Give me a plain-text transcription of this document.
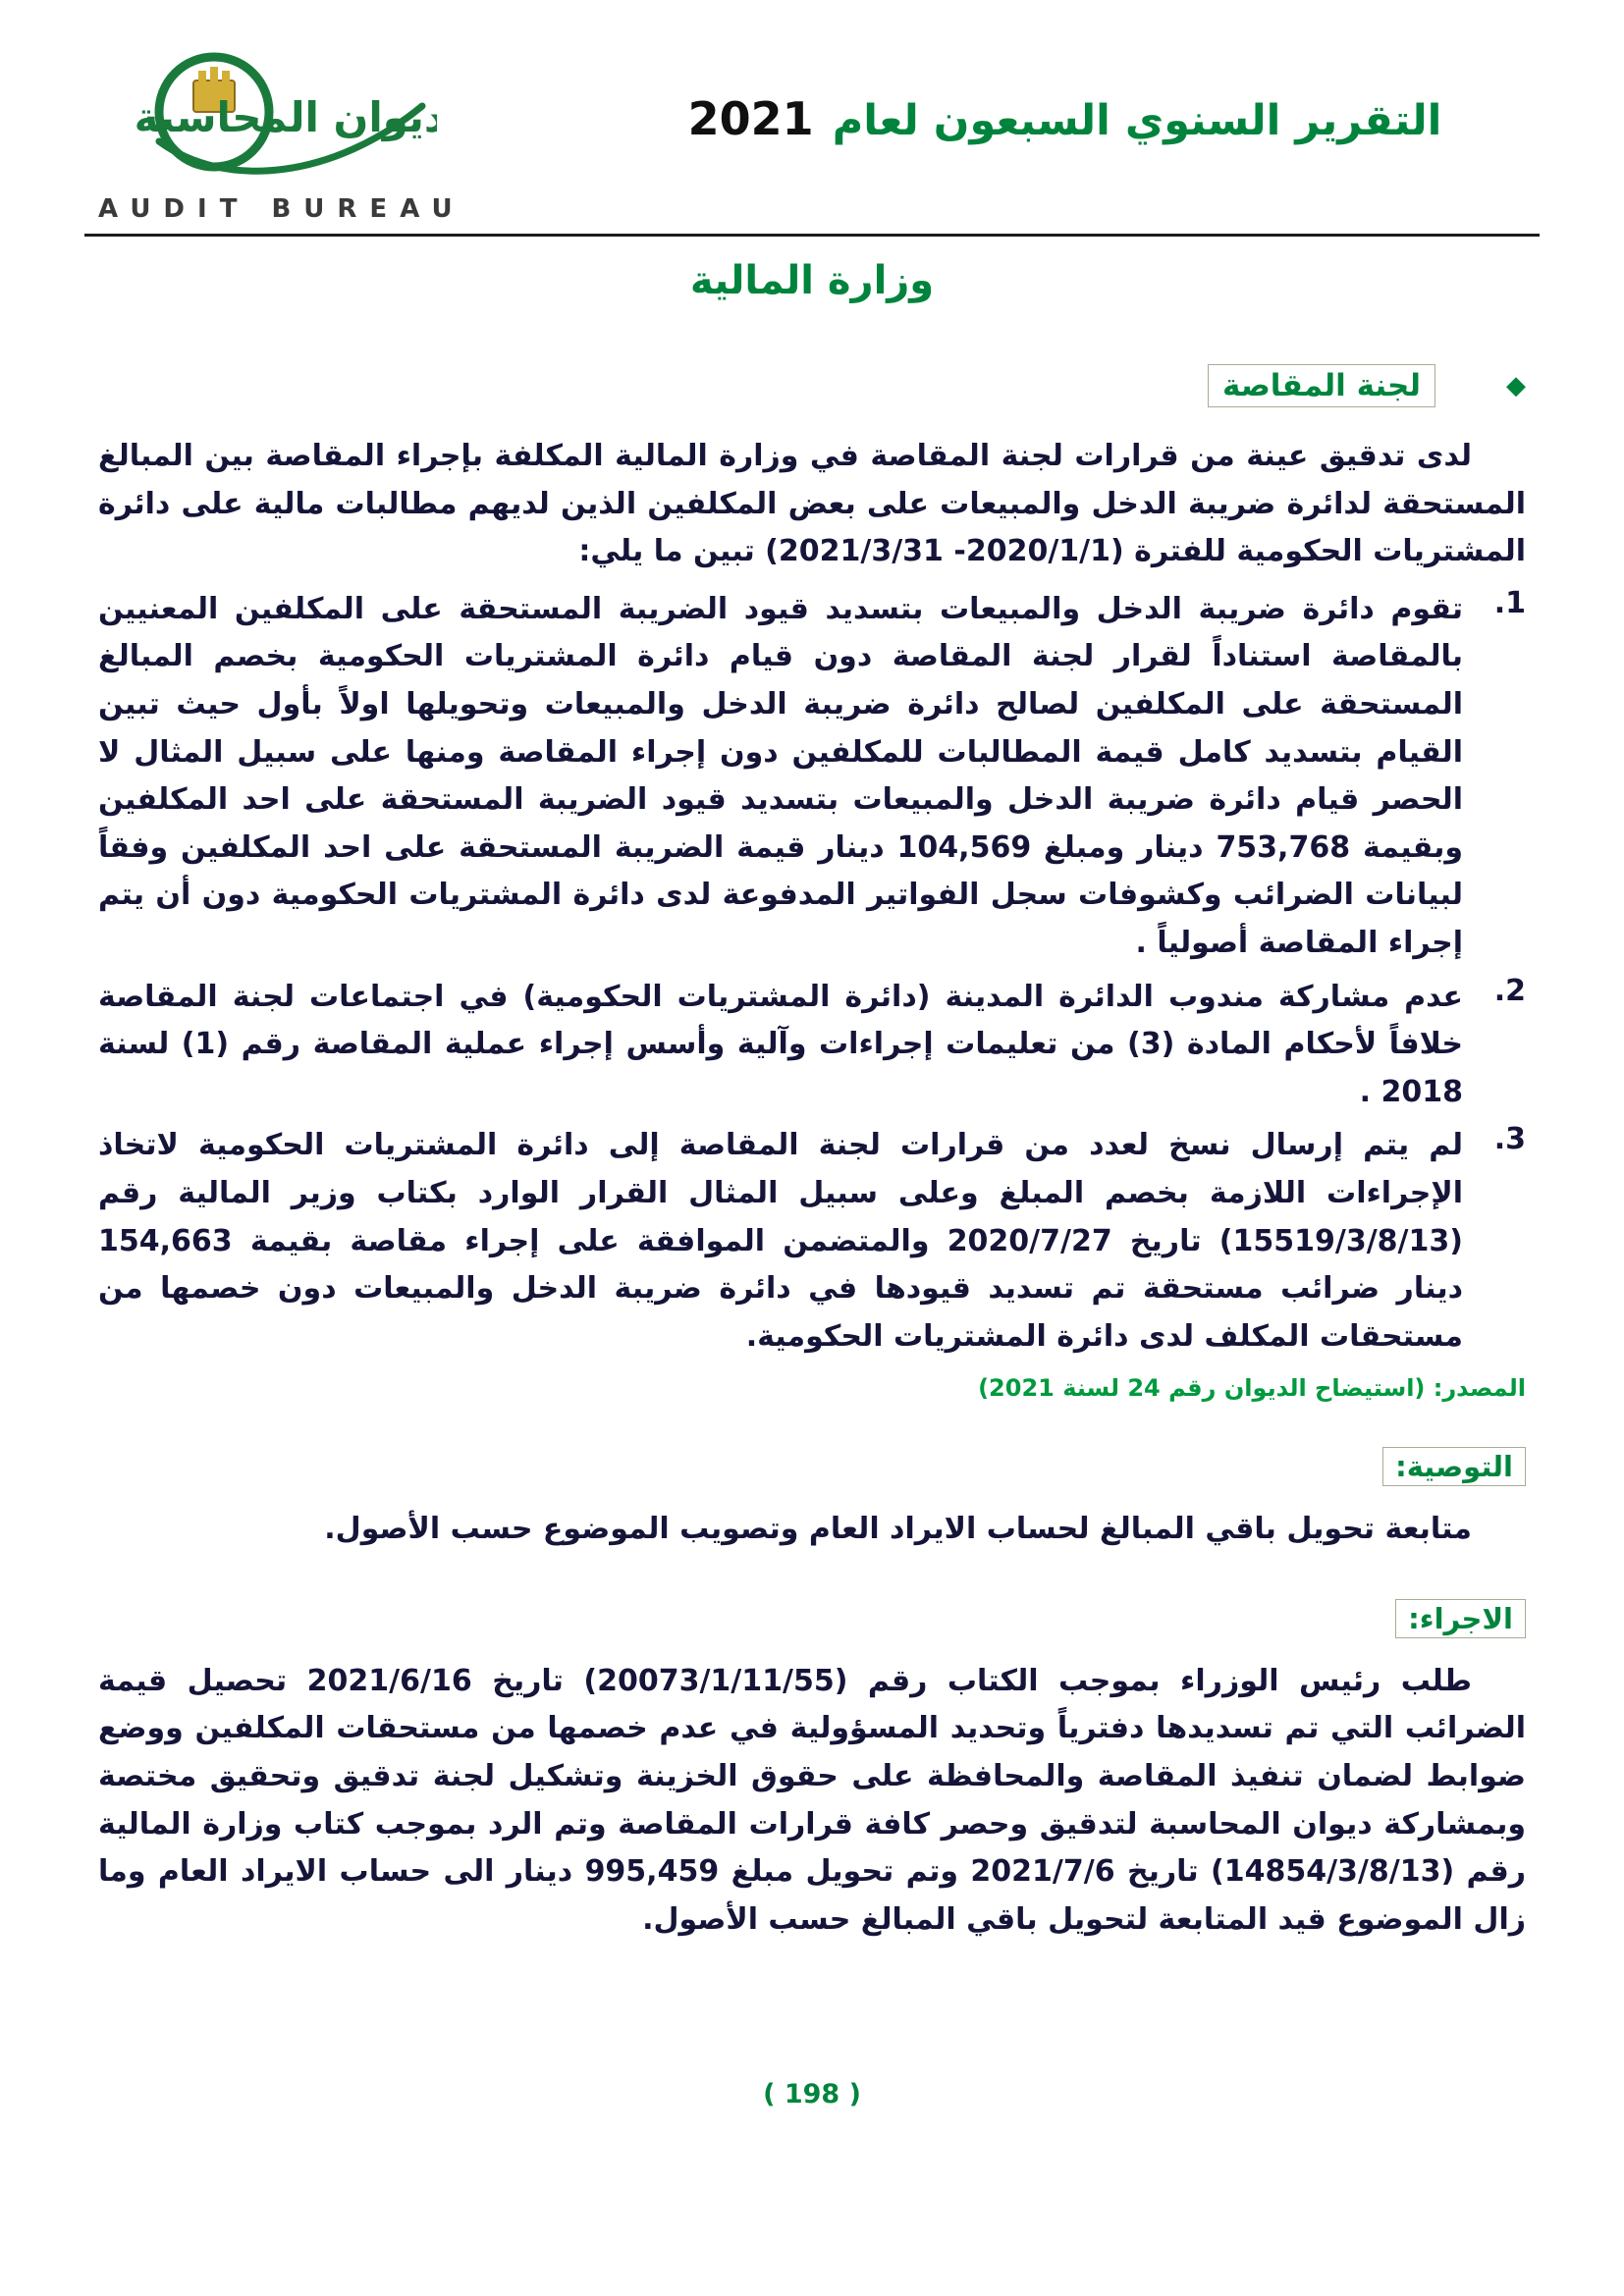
ديوان المحاسبة
AUDIT BUREAU
التقرير السنوي السبعون لعام 2021
وزارة المالية
◆
لجنة المقاصة

لدى تدقيق عينة من قرارات لجنة المقاصة في وزارة المالية المكلفة بإجراء المقاصة بين المبالغ المستحقة لدائرة ضريبة الدخل والمبيعات على بعض المكلفين الذين لديهم مطالبات مالية على دائرة المشتريات الحكومية للفترة (2020/1/1- 2021/3/31) تبين ما يلي:

1.
تقوم دائرة ضريبة الدخل والمبيعات بتسديد قيود الضريبة المستحقة على المكلفين المعنيين بالمقاصة استناداً لقرار لجنة المقاصة دون قيام دائرة المشتريات الحكومية بخصم المبالغ المستحقة على المكلفين لصالح دائرة ضريبة الدخل والمبيعات وتحويلها اولاً بأول حيث تبين القيام بتسديد كامل قيمة المطالبات للمكلفين دون إجراء المقاصة ومنها على سبيل المثال لا الحصر قيام دائرة ضريبة الدخل والمبيعات بتسديد قيود الضريبة المستحقة على احد المكلفين وبقيمة 753,768 دينار ومبلغ 104,569 دينار قيمة الضريبة المستحقة على احد المكلفين وفقاً لبيانات الضرائب وكشوفات سجل الفواتير المدفوعة لدى دائرة المشتريات الحكومية دون أن يتم إجراء المقاصة أصولياً .
2.
عدم مشاركة مندوب الدائرة المدينة (دائرة المشتريات الحكومية) في اجتماعات لجنة المقاصة خلافاً لأحكام المادة (3) من تعليمات إجراءات وآلية وأسس إجراء عملية المقاصة رقم (1) لسنة 2018 .
3.
لم يتم إرسال نسخ لعدد من قرارات لجنة المقاصة إلى دائرة المشتريات الحكومية لاتخاذ الإجراءات اللازمة بخصم المبلغ وعلى سبيل المثال القرار الوارد بكتاب وزير المالية رقم (15519/3/8/13) تاريخ 2020/7/27 والمتضمن الموافقة على إجراء مقاصة بقيمة 154,663 دينار ضرائب مستحقة تم تسديد قيودها في دائرة ضريبة الدخل والمبيعات دون خصمها من مستحقات المكلف لدى دائرة المشتريات الحكومية.
المصدر: (استيضاح الديوان رقم 24 لسنة 2021)
التوصية:

متابعة تحويل باقي المبالغ لحساب الايراد العام وتصويب الموضوع حسب الأصول.

الاجراء:

طلب رئيس الوزراء بموجب الكتاب رقم (20073/1/11/55) تاريخ 2021/6/16 تحصيل قيمة الضرائب التي تم تسديدها دفترياً وتحديد المسؤولية في عدم خصمها من مستحقات المكلفين ووضع ضوابط لضمان تنفيذ المقاصة والمحافظة على حقوق الخزينة وتشكيل لجنة تدقيق وتحقيق مختصة وبمشاركة ديوان المحاسبة لتدقيق وحصر كافة قرارات المقاصة وتم الرد بموجب كتاب وزارة المالية رقم (14854/3/8/13) تاريخ 2021/7/6 وتم تحويل مبلغ 995,459 دينار الى حساب الايراد العام وما زال الموضوع قيد المتابعة لتحويل باقي المبالغ حسب الأصول.

( 198 )
